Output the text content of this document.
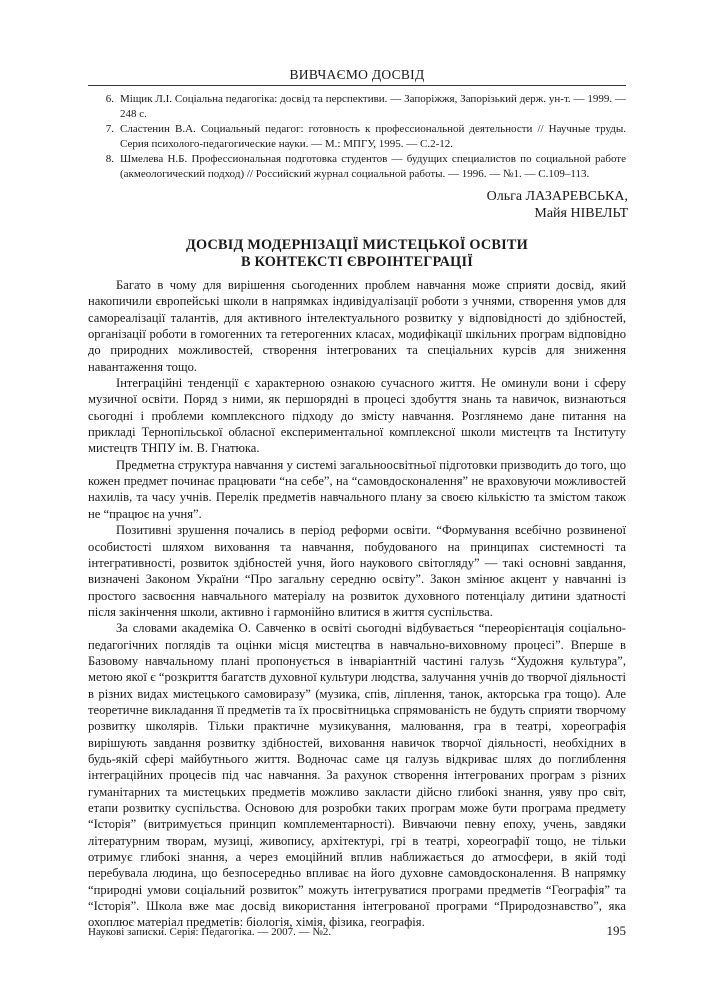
ВИВЧАЄМО ДОСВІД
6. Міщик Л.І. Соціальна педагогіка: досвід та перспективи. — Запоріжжя, Запорізький держ. ун-т. — 1999. — 248 с.
7. Сластенин В.А. Социальный педагог: готовность к профессиональной деятельности // Научные труды. Серия психолого-педагогические науки. — М.: МПГУ, 1995. — С.2-12.
8. Шмелева Н.Б. Профессиональная подготовка студентов — будущих специалистов по социальной работе (акмеологический подход) // Российский журнал социальной работы. — 1996. — №1. — С.109–113.
Ольга ЛАЗАРЕВСЬКА,
Майя НІВЕЛЬТ
ДОСВІД МОДЕРНІЗАЦІЇ МИСТЕЦЬКОЇ ОСВІТИ
В КОНТЕКСТІ ЄВРОІНТЕГРАЦІЇ

Багато в чому для вирішення сьогоденних проблем навчання може сприяти досвід, який накопичили європейські школи в напрямках індивідуалізації роботи з учнями, створення умов для самореалізації талантів, для активного інтелектуального розвитку у відповідності до здібностей, організації роботи в гомогенних та гетерогенних класах, модифікації шкільних програм відповідно до природних можливостей, створення інтегрованих та спеціальних курсів для зниження навантаження тощо.

Інтеграційні тенденції є характерною ознакою сучасного життя. Не оминули вони і сферу музичної освіти. Поряд з ними, як першорядні в процесі здобуття знань та навичок, визнаються сьогодні і проблеми комплексного підходу до змісту навчання. Розглянемо дане питання на прикладі Тернопільської обласної експериментальної комплексної школи мистецтв та Інституту мистецтв ТНПУ ім. В. Гнатюка.

Предметна структура навчання у системі загальноосвітньої підготовки призводить до того, що кожен предмет починає працювати “на себе”, на “самовдосконалення” не враховуючи можливостей нахилів, та часу учнів. Перелік предметів навчального плану за своєю кількістю та змістом також не “працює на учня”.

Позитивні зрушення почались в період реформи освіти. “Формування всебічно розвиненої особистості шляхом виховання та навчання, побудованого на принципах системності та інтегративності, розвиток здібностей учня, його наукового світогляду” — такі основні завдання, визначені Законом України “Про загальну середню освіту”. Закон змінює акцент у навчанні із простого засвоєння навчального матеріалу на розвиток духовного потенціалу дитини здатності після закінчення школи, активно і гармонійно влитися в життя суспільства.

За словами академіка О. Савченко в освіті сьогодні відбувається “переорієнтація соціально-педагогічних поглядів та оцінки місця мистецтва в навчально-виховному процесі”. Вперше в Базовому навчальному плані пропонується в інваріантній частині галузь “Художня культура”, метою якої є “розкриття багатств духовної культури людства, залучання учнів до творчої діяльності в різних видах мистецького самовиразу” (музика, спів, ліплення, танок, акторська гра тощо). Але теоретичне викладання її предметів та їх просвітницька спрямованість не будуть сприяти творчому розвитку школярів. Тільки практичне музикування, малювання, гра в театрі, хореографія вирішують завдання розвитку здібностей, виховання навичок творчої діяльності, необхідних в будь-якій сфері майбутнього життя. Водночас саме ця галузь відкриває шлях до поглиблення інтеграційних процесів під час навчання. За рахунок створення інтегрованих програм з різних гуманітарних та мистецьких предметів можливо закласти дійсно глибокі знання, уяву про світ, етапи розвитку суспільства. Основою для розробки таких програм може бути програма предмету “Історія” (витримується принцип комплементарності). Вивчаючи певну епоху, учень, завдяки літературним творам, музиці, живопису, архітектурі, грі в театрі, хореографії тощо, не тільки отримує глибокі знання, а через емоційний вплив наближається до атмосфери, в якій тоді перебувала людина, що безпосередньо впливає на його духовне самовдосконалення. В напрямку “природні умови соціальний розвиток” можуть інтегруватися програми предметів “Географія” та “Історія”. Школа вже має досвід використання інтегрованої програми “Природознавство”, яка охоплює матеріал предметів: біологія, хімія, фізика, географія.

Наукові записки. Серія: Педагогіка. — 2007. — №2.	195
